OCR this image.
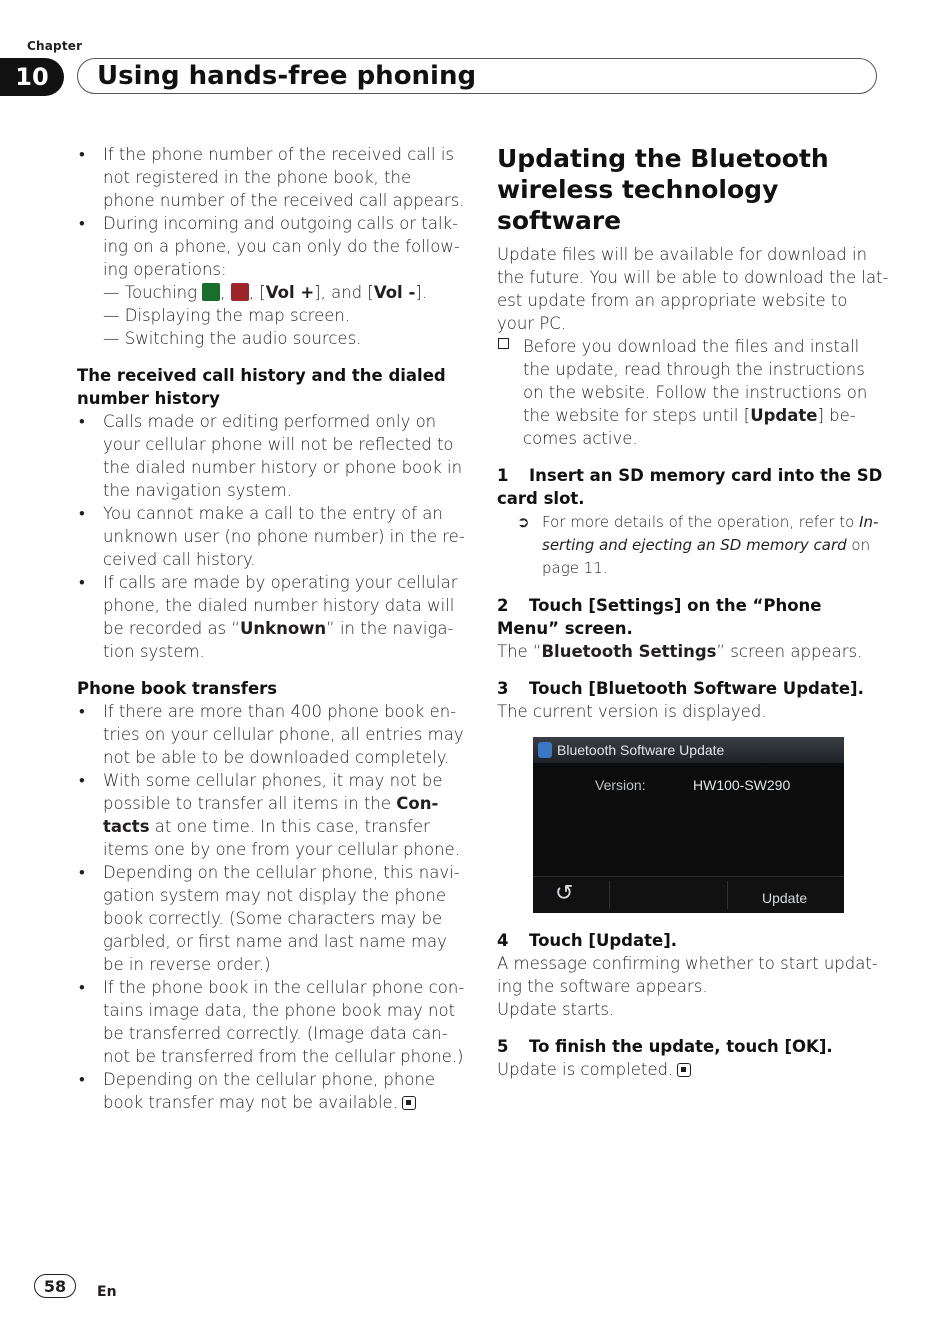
Chapter
10	Using hands-free phoning
• If the phone number of the received call is not registered in the phone book, the phone number of the received call appears.
• During incoming and outgoing calls or talk-ing on a phone, you can only do the follow-ing operations:
— Touching , , [Vol +], and [Vol -].
— Displaying the map screen.
— Switching the audio sources.
The received call history and the dialed number history
• Calls made or editing performed only on your cellular phone will not be reflected to the dialed number history or phone book in the navigation system.
• You cannot make a call to the entry of an unknown user (no phone number) in the re-ceived call history.
• If calls are made by operating your cellular phone, the dialed number history data will be recorded as “Unknown” in the naviga-tion system.
Phone book transfers
• If there are more than 400 phone book en-tries on your cellular phone, all entries may not be able to be downloaded completely.
• With some cellular phones, it may not be possible to transfer all items in the Con-tacts at one time. In this case, transfer items one by one from your cellular phone.
• Depending on the cellular phone, this navi-gation system may not display the phone book correctly. (Some characters may be garbled, or first name and last name may be in reverse order.)
• If the phone book in the cellular phone con-tains image data, the phone book may not be transferred correctly. (Image data can-not be transferred from the cellular phone.)
• Depending on the cellular phone, phone book transfer may not be available.
Updating the Bluetooth wireless technology software

Update files will be available for download in the future. You will be able to download the lat-est update from an appropriate website to your PC.

Before you download the files and install the update, read through the instructions on the website. Follow the instructions on the website for steps until [Update] be-comes active.
1 Insert an SD memory card into the SD card slot.
➲ For more details of the operation, refer to In-serting and ejecting an SD memory card on page 11.
2 Touch [Settings] on the “Phone Menu” screen.

The “Bluetooth Settings” screen appears.

3 Touch [Bluetooth Software Update].

The current version is displayed.

Bluetooth Software Update
Version:	HW100-SW290
↺	Update
4 Touch [Update].

A message confirming whether to start updat-ing the software appears.

Update starts.

5 To finish the update, touch [OK].

Update is completed.

58	En
